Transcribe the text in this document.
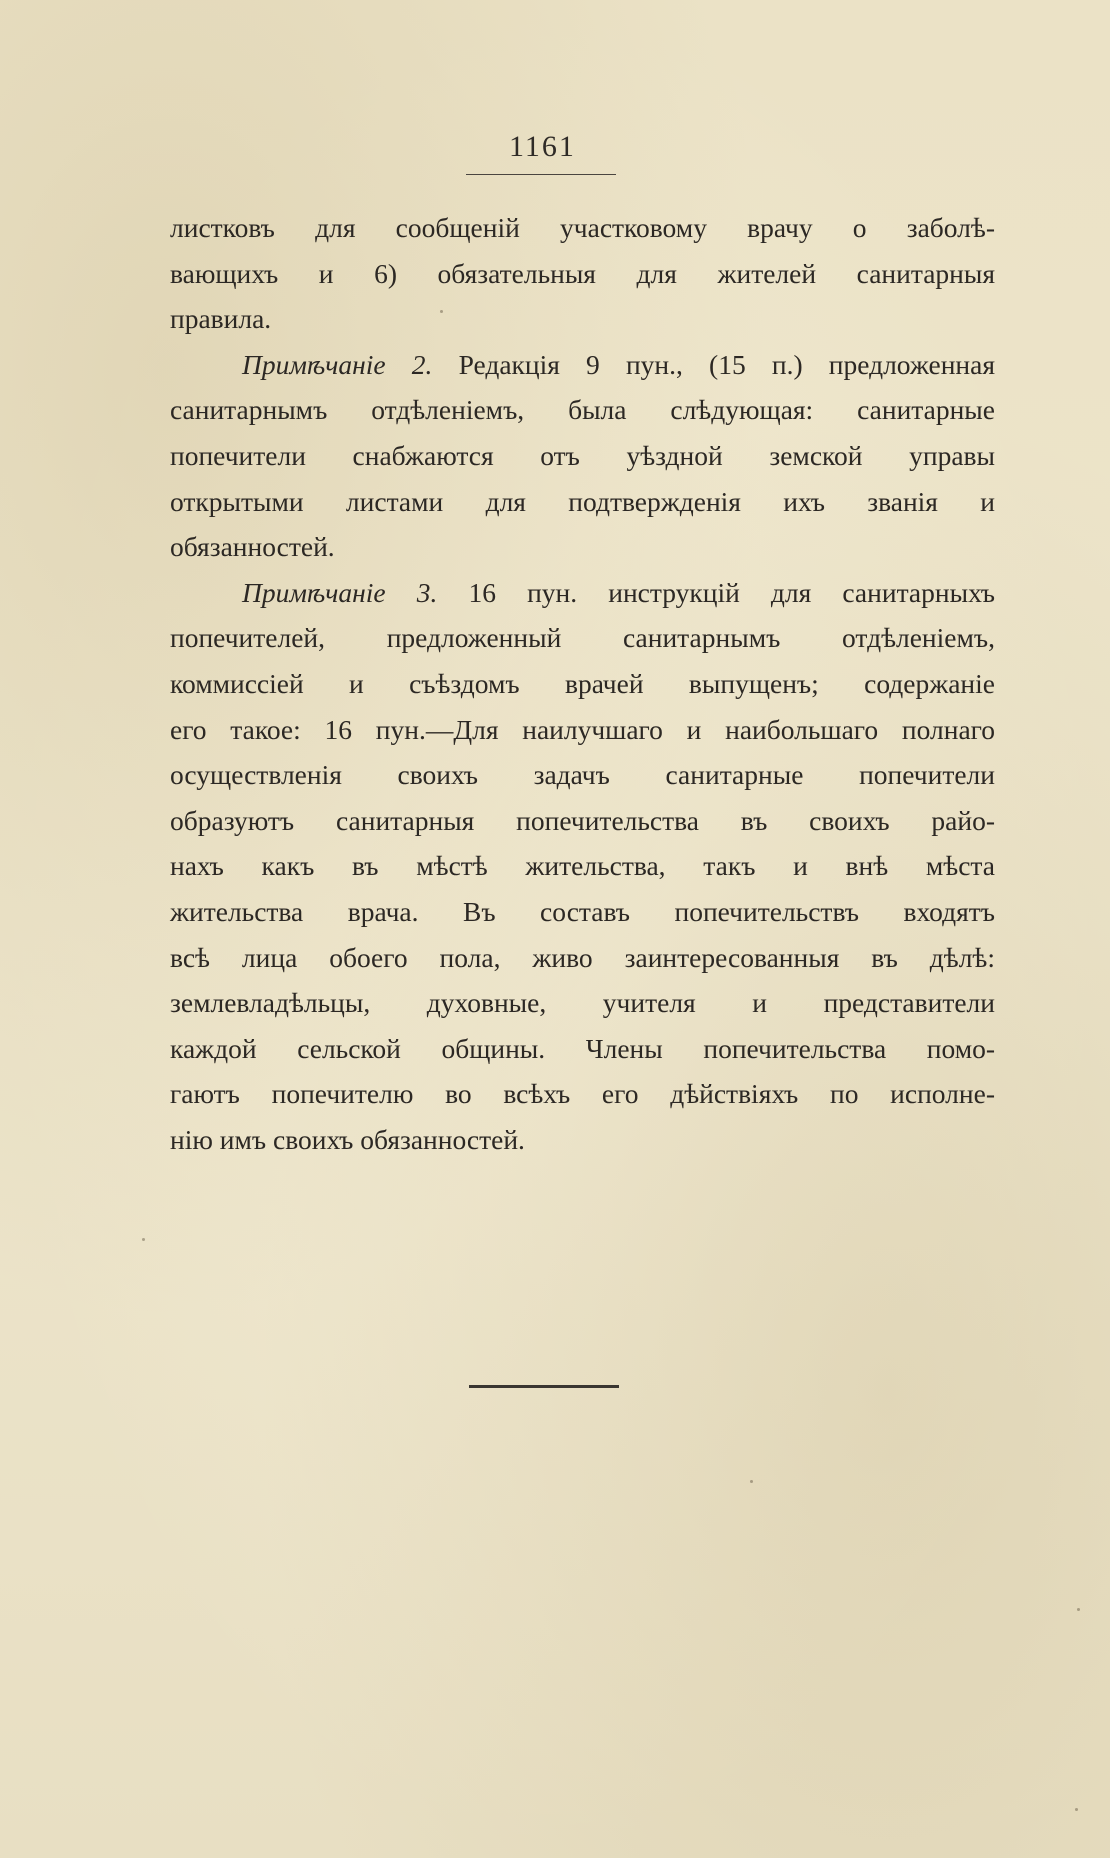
1161
листковъ для сообщеній участковому врачу о заболѣ-
вающихъ и 6) обязательныя для жителей санитарныя
правила.
Примѣчаніе 2. Редакція 9 пун., (15 п.) предложенная
санитарнымъ отдѣленіемъ, была слѣдующая: санитарные
попечители снабжаются отъ уѣздной земской управы
открытыми листами для подтвержденія ихъ званія и
обязанностей.
Примѣчаніе 3. 16 пун. инструкцій для санитарныхъ
попечителей, предложенный санитарнымъ отдѣленіемъ,
коммиссіей и съѣздомъ врачей выпущенъ; содержаніе
его такое: 16 пун.—Для наилучшаго и наибольшаго полнаго
осуществленія своихъ задачъ санитарные попечители
образуютъ санитарныя попечительства въ своихъ райо-
нахъ какъ въ мѣстѣ жительства, такъ и внѣ мѣста
жительства врача. Въ составъ попечительствъ входятъ
всѣ лица обоего пола, живо заинтересованныя въ дѣлѣ:
землевладѣльцы, духовные, учителя и представители
каждой сельской общины. Члены попечительства помо-
гаютъ попечителю во всѣхъ его дѣйствіяхъ по исполне-
нію имъ своихъ обязанностей.
